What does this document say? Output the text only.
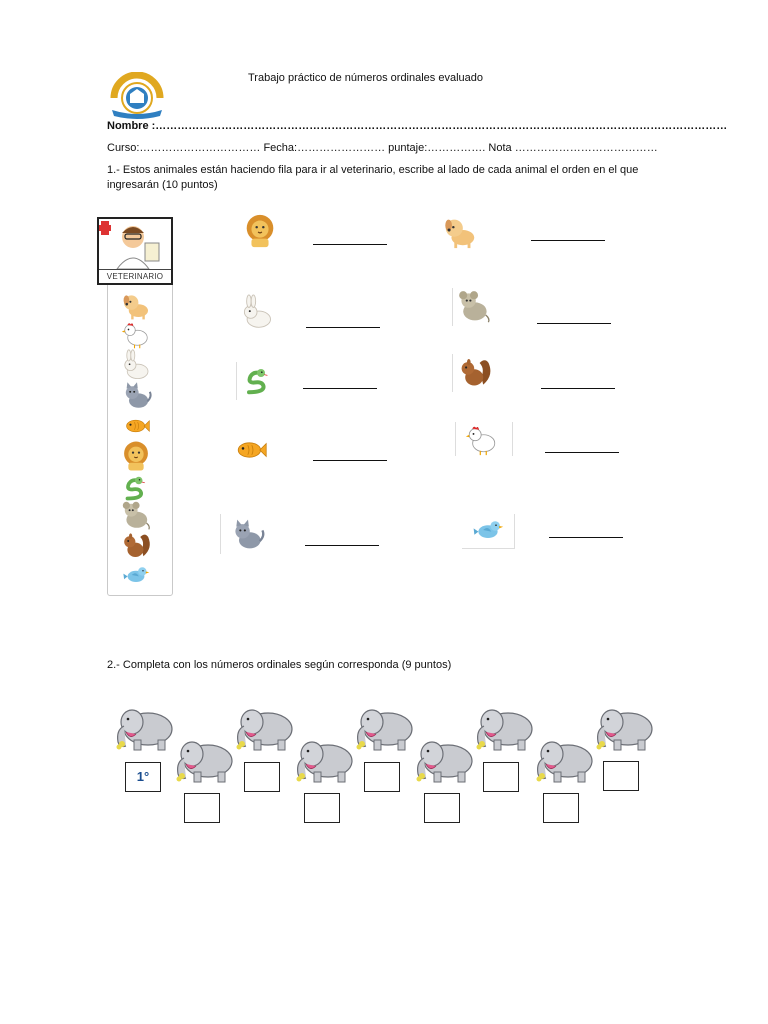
Trabajo práctico de números ordinales evaluado
Nombre :…………………………………………………………………………………………………………………………………………
Curso:…………………………… Fecha:…………………… puntaje:……………. Nota …………………………………
1.- Estos animales están haciendo fila para ir al veterinario, escribe al lado de cada animal el orden en el que ingresarán (10 puntos)
VETERINARIO
2.- Completa con los números ordinales según corresponda (9 puntos)
1°
